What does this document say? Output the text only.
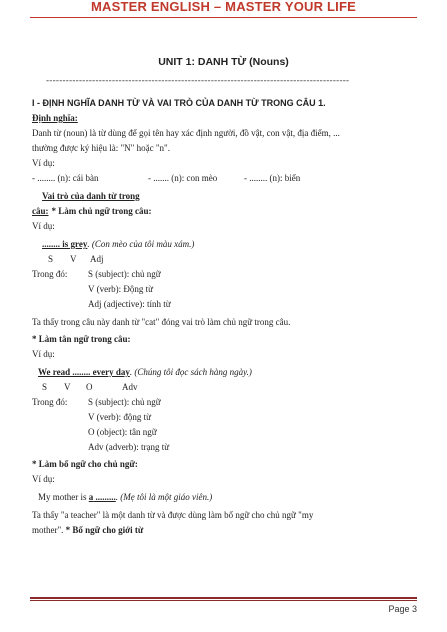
MASTER ENGLISH – MASTER YOUR LIFE
UNIT 1: DANH TỪ (Nouns)
--------------------------------------------------------------------------------------------
I - ĐỊNH NGHĨA DANH TỪ VÀ VAI TRÒ CỦA DANH TỪ TRONG CÂU 1.
Định nghĩa:
Danh từ (noun) là từ dùng để gọi tên hay xác định người, đồ vật, con vật, địa điểm, ...
thường được ký hiệu là: "N" hoặc "n".
Ví dụ:
- ........ (n): cái bàn	- ....... (n): con mèo	- ........ (n): biển
Vai trò của danh từ trong
câu: * Làm chủ ngữ trong câu:
Ví dụ:
........ is grey. (Con mèo của tôi màu xám.)
S	V	Adj
Trong đó:	S (subject): chủ ngữ
V (verb): Động từ
Adj (adjective): tính từ
Ta thấy trong câu này danh từ "cat" đóng vai trò làm chủ ngữ trong câu.
* Làm tân ngữ trong câu:
Ví dụ:
We read ........ every day. (Chúng tôi đọc sách hàng ngày.)
S	V	O	Adv
Trong đó:	S (subject): chủ ngữ
V (verb): động từ
O (object): tân ngữ
Adv (adverb): trạng từ
* Làm bổ ngữ cho chủ ngữ:
Ví dụ:
My mother is a .......... (Mẹ tôi là một giáo viên.)
Ta thấy "a teacher" là một danh từ và được dùng làm bổ ngữ cho chủ ngữ "my
mother". * Bổ ngữ cho giới từ
Page 3
